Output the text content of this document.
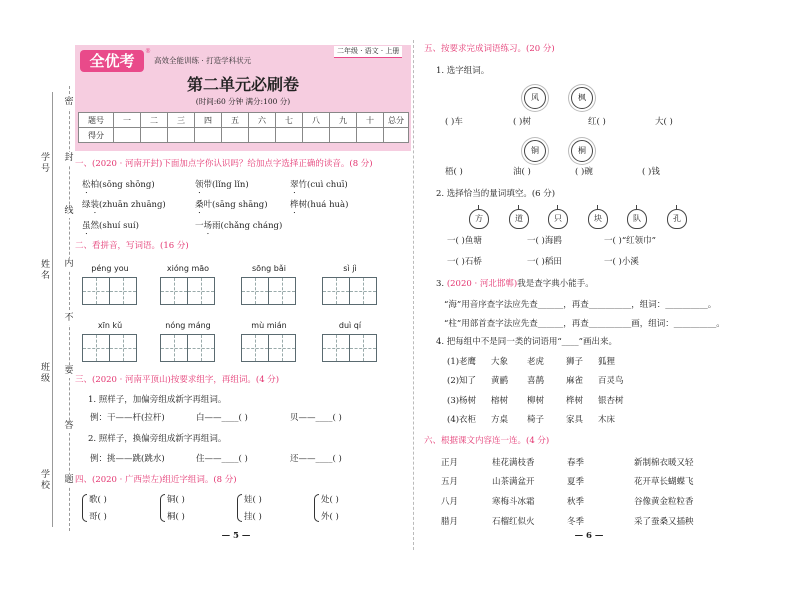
学号
姓名
班级
学校
密
封
线
内
不
要
答
题
全优考
®
高效全能训练 · 打造学科状元
二年级 · 语文 · 上册
第二单元必刷卷
(时间:60 分钟 满分:100 分)
题号	一	二	三	四	五	六	七	八	九	十	总分
得分											
一、(2020 · 河南开封)下面加点字你认识吗？给加点字选择正确的读音。(8 分)
松柏(sōng shōng)	领带(lǐng lǐn)	翠竹(cuì chuī)
绿装(zhuān zhuāng)	桑叶(sāng shāng)	桦树(huá huà)
虽然(shuí suí)	一场雨(chǎng cháng)
二、看拼音，写词语。(16 分)
péng you	xióng māo	sōng bǎi	sì jì
xīn kǔ	nóng máng	mù mián	duì qí
三、(2020 · 河南平顶山)按要求组字，再组词。(4 分)
1. 照样子，加偏旁组成新字再组词。
例：干——杆(拉杆)	白——____( )	贝——____( )
2. 照样子，换偏旁组成新字再组词。
例：挑——跳(跳水)	住——____( )	还——____( )
四、(2020 · 广西崇左)组近字组词。(8 分)
歌( )
哥( )
铜( )
桐( )
娃( )
挂( )
处( )
外( )
— 5 —
五、按要求完成词语练习。(20 分)
1. 选字组词。
风	枫
( )车	( )树	红( )	大( )
铜	桐
梧( )	油( )	( )碗	( )钱
2. 选择恰当的量词填空。(6 分)
方	道	只	块	队	孔
一( )鱼塘	一( )海鸥	一( )“红领巾”
一( )石桥	一( )稻田	一( )小溪
3. (2020 · 河北邯郸)我是查字典小能手。
“海”用音序查字法应先查______，再查__________，组词：__________。
“柱”用部首查字法应先查______，再查__________画，组词：__________。
4. 把每组中不是同一类的词语用“____”画出来。
(1)老鹰 大象 老虎	狮子 狐狸
(2)知了 黄鹂 喜鹊	麻雀 百灵鸟
(3)杨树 榕树 柳树	桦树 银杏树
(4)衣柜 方桌 椅子	家具 木床
六、根据课文内容连一连。(4 分)
正月	桂花满枝香	春季	新制棉衣暖又轻
五月	山茶满盆开	夏季	花开草长蝴蝶飞
八月	寒梅斗冰霜	秋季	谷像黄金粒粒香
腊月	石榴红似火	冬季	采了蚕桑又插秧
— 6 —
